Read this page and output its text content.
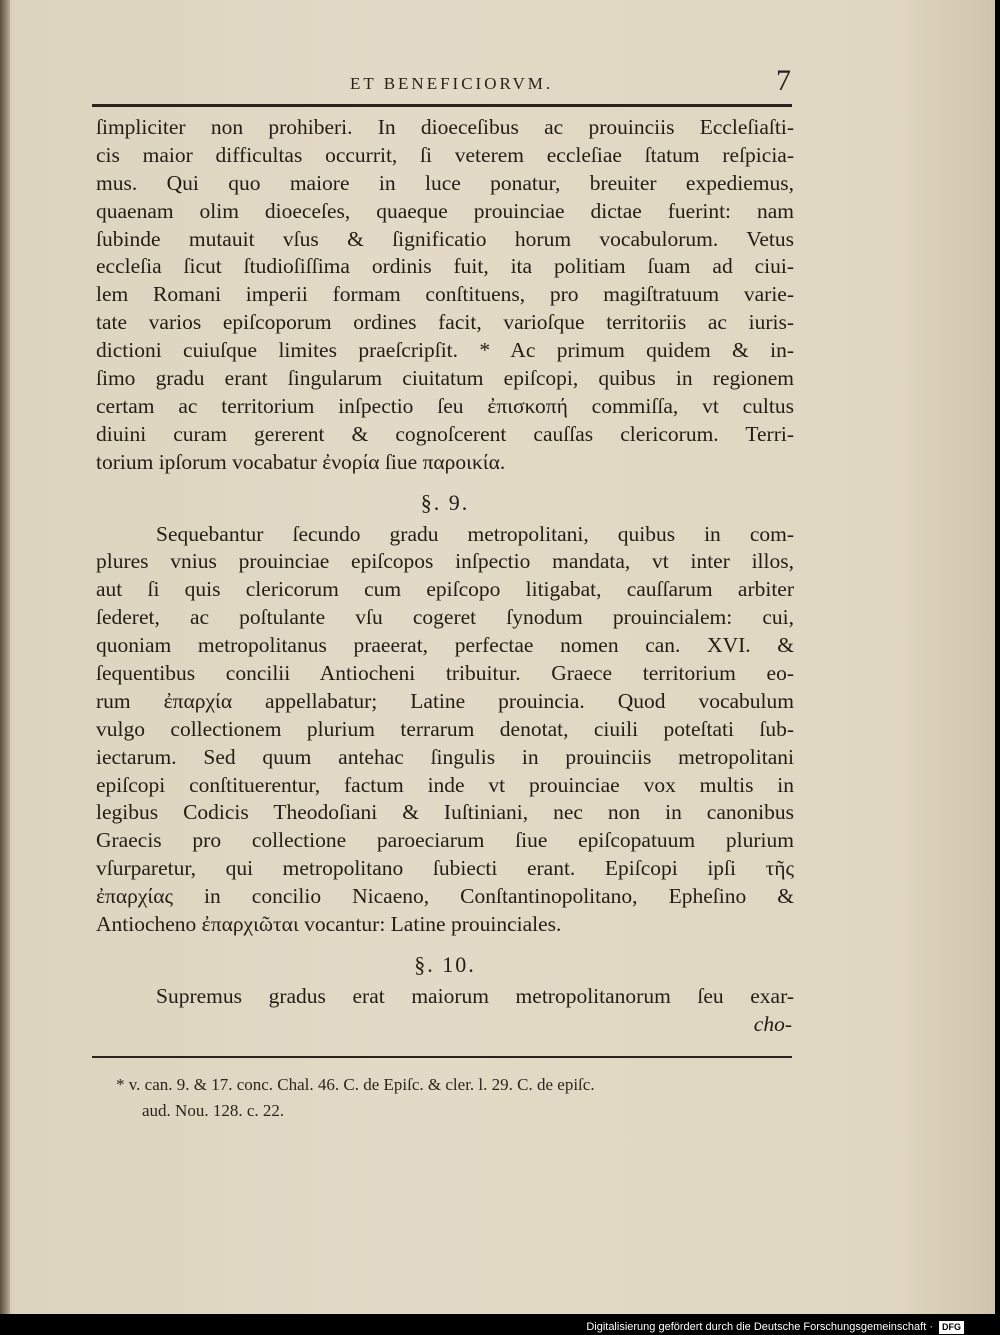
ET BENEFICIORVM.	7
ſimpliciter non prohiberi. In dioeceſibus ac prouinciis Eccleſiaſti-
cis maior difficultas occurrit, ſi veterem eccleſiae ſtatum reſpicia-
mus. Qui quo maiore in luce ponatur, breuiter expediemus,
quaenam olim dioeceſes, quaeque prouinciae dictae fuerint: nam
ſubinde mutauit vſus & ſignificatio horum vocabulorum. Vetus
eccleſia ſicut ſtudioſiſſima ordinis fuit, ita politiam ſuam ad ciui-
lem Romani imperii formam conſtituens, pro magiſtratuum varie-
tate varios epiſcoporum ordines facit, varioſque territoriis ac iuris-
dictioni cuiuſque limites praeſcripſit. * Ac primum quidem & in-
ſimo gradu erant ſingularum ciuitatum epiſcopi, quibus in regionem
certam ac territorium inſpectio ſeu ἐπισκοπή commiſſa, vt cultus
diuini curam gererent & cognoſcerent cauſſas clericorum. Terri-
torium ipſorum vocabatur ἐνορία ſiue παροικία.
§. 9.
Sequebantur ſecundo gradu metropolitani, quibus in com-
plures vnius prouinciae epiſcopos inſpectio mandata, vt inter illos,
aut ſi quis clericorum cum epiſcopo litigabat, cauſſarum arbiter
ſederet, ac poſtulante vſu cogeret ſynodum prouincialem: cui,
quoniam metropolitanus praeerat, perfectae nomen can. XVI. &
ſequentibus concilii Antiocheni tribuitur. Graece territorium eo-
rum ἐπαρχία appellabatur; Latine prouincia. Quod vocabulum
vulgo collectionem plurium terrarum denotat, ciuili poteſtati ſub-
iectarum. Sed quum antehac ſingulis in prouinciis metropolitani
epiſcopi conſtituerentur, factum inde vt prouinciae vox multis in
legibus Codicis Theodoſiani & Iuſtiniani, nec non in canonibus
Graecis pro collectione paroeciarum ſiue epiſcopatuum plurium
vſurparetur, qui metropolitano ſubiecti erant. Epiſcopi ipſi τῆς
ἐπαρχίας in concilio Nicaeno, Conſtantinopolitano, Epheſino &
Antiocheno ἐπαρχιῶται vocantur: Latine prouinciales.
§. 10.
Supremus gradus erat maiorum metropolitanorum ſeu exar-
cho-
* v. can. 9. & 17. conc. Chal. 46. C. de Epiſc. & cler. l. 29. C. de epiſc.
aud. Nou. 128. c. 22.
Digitalisierung gefördert durch die Deutsche Forschungsgemeinschaft ·	DFG
